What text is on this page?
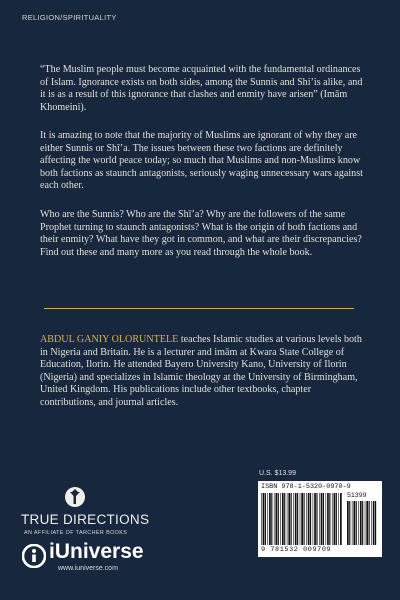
RELIGION/SPIRITUALITY

“The Muslim people must become acquainted with the fundamental ordinances of Islam. Ignorance exists on both sides, among the Sunnis and Shi’is alike, and it is as a result of this ignorance that clashes and enmity have arisen” (Imām Khomeini).

It is amazing to note that the majority of Muslims are ignorant of why they are either Sunnis or Shī’a. The issues between these two factions are definitely affecting the world peace today; so much that Muslims and non-Muslims know both factions as staunch antagonists, seriously waging unnecessary wars against each other.

Who are the Sunnis? Who are the Shī’a? Why are the followers of the same Prophet turning to staunch antagonists? What is the origin of both factions and their enmity? What have they got in common, and what are their discrepancies? Find out these and many more as you read through the whole book.

ABDUL GANIY OLORUNTELE teaches Islamic studies at various levels both in Nigeria and Britain. He is a lecturer and imām at Kwara State College of Education, Ilorin. He attended Bayero University Kano, University of Ilorin (Nigeria) and specializes in Islamic theology at the University of Birmingham, United Kingdom. His publications include other textbooks, chapter contributions, and journal articles.

U.S. $13.99
ISBN 978-1-5320-0970-9
51399
9 781532 009709
TRUE DIRECTIONS
AN AFFILIATE OF TARCHER BOOKS
iUniverse
www.iuniverse.com
